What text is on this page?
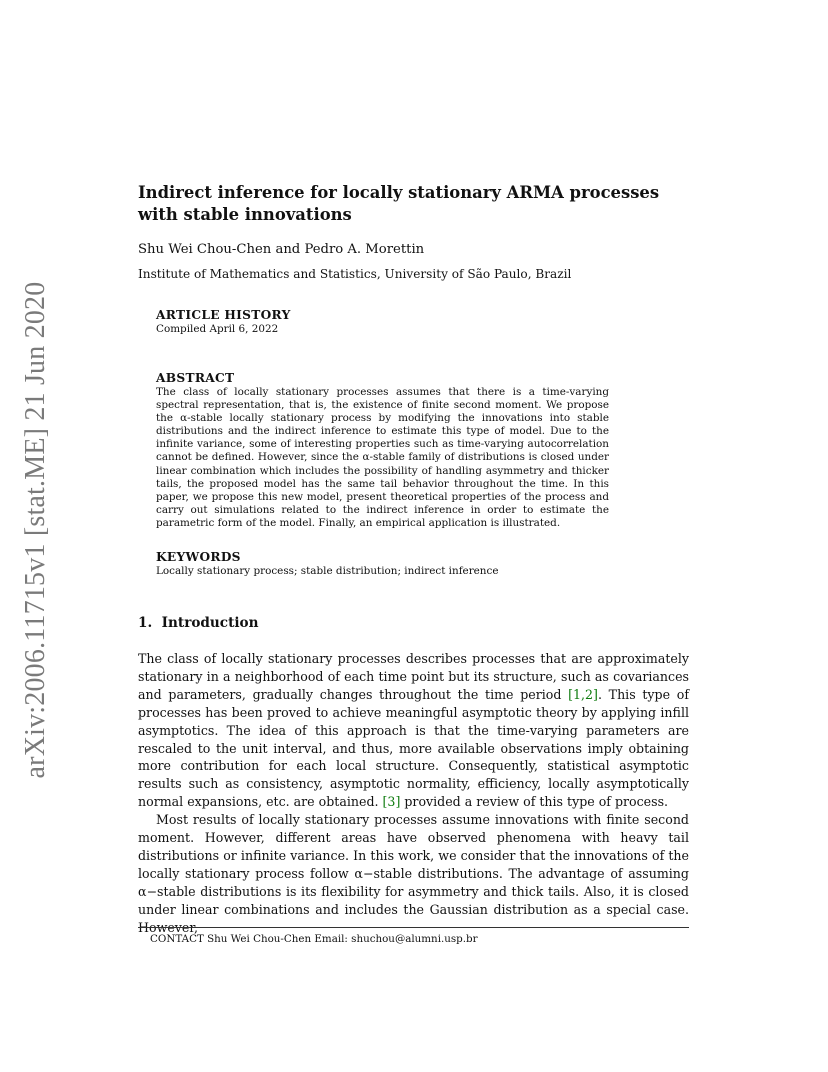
arXiv:2006.11715v1 [stat.ME] 21 Jun 2020
Indirect inference for locally stationary ARMA processes with stable innovations
Shu Wei Chou-Chen and Pedro A. Morettin
Institute of Mathematics and Statistics, University of São Paulo, Brazil
ARTICLE HISTORY
Compiled April 6, 2022
ABSTRACT
The class of locally stationary processes assumes that there is a time-varying spectral representation, that is, the existence of finite second moment. We propose the α-stable locally stationary process by modifying the innovations into stable distributions and the indirect inference to estimate this type of model. Due to the infinite variance, some of interesting properties such as time-varying autocorrelation cannot be defined. However, since the α-stable family of distributions is closed under linear combination which includes the possibility of handling asymmetry and thicker tails, the proposed model has the same tail behavior throughout the time. In this paper, we propose this new model, present theoretical properties of the process and carry out simulations related to the indirect inference in order to estimate the parametric form of the model. Finally, an empirical application is illustrated.
KEYWORDS
Locally stationary process; stable distribution; indirect inference
1. Introduction

The class of locally stationary processes describes processes that are approximately stationary in a neighborhood of each time point but its structure, such as covariances and parameters, gradually changes throughout the time period [1,2]. This type of processes has been proved to achieve meaningful asymptotic theory by applying infill asymptotics. The idea of this approach is that the time-varying parameters are rescaled to the unit interval, and thus, more available observations imply obtaining more contribution for each local structure. Consequently, statistical asymptotic results such as consistency, asymptotic normality, efficiency, locally asymptotically normal expansions, etc. are obtained. [3] provided a review of this type of process.

Most results of locally stationary processes assume innovations with finite second moment. However, different areas have observed phenomena with heavy tail distributions or infinite variance. In this work, we consider that the innovations of the locally stationary process follow α−stable distributions. The advantage of assuming α−stable distributions is its flexibility for asymmetry and thick tails. Also, it is closed under linear combinations and includes the Gaussian distribution as a special case. However,

CONTACT Shu Wei Chou-Chen Email: shuchou@alumni.usp.br
